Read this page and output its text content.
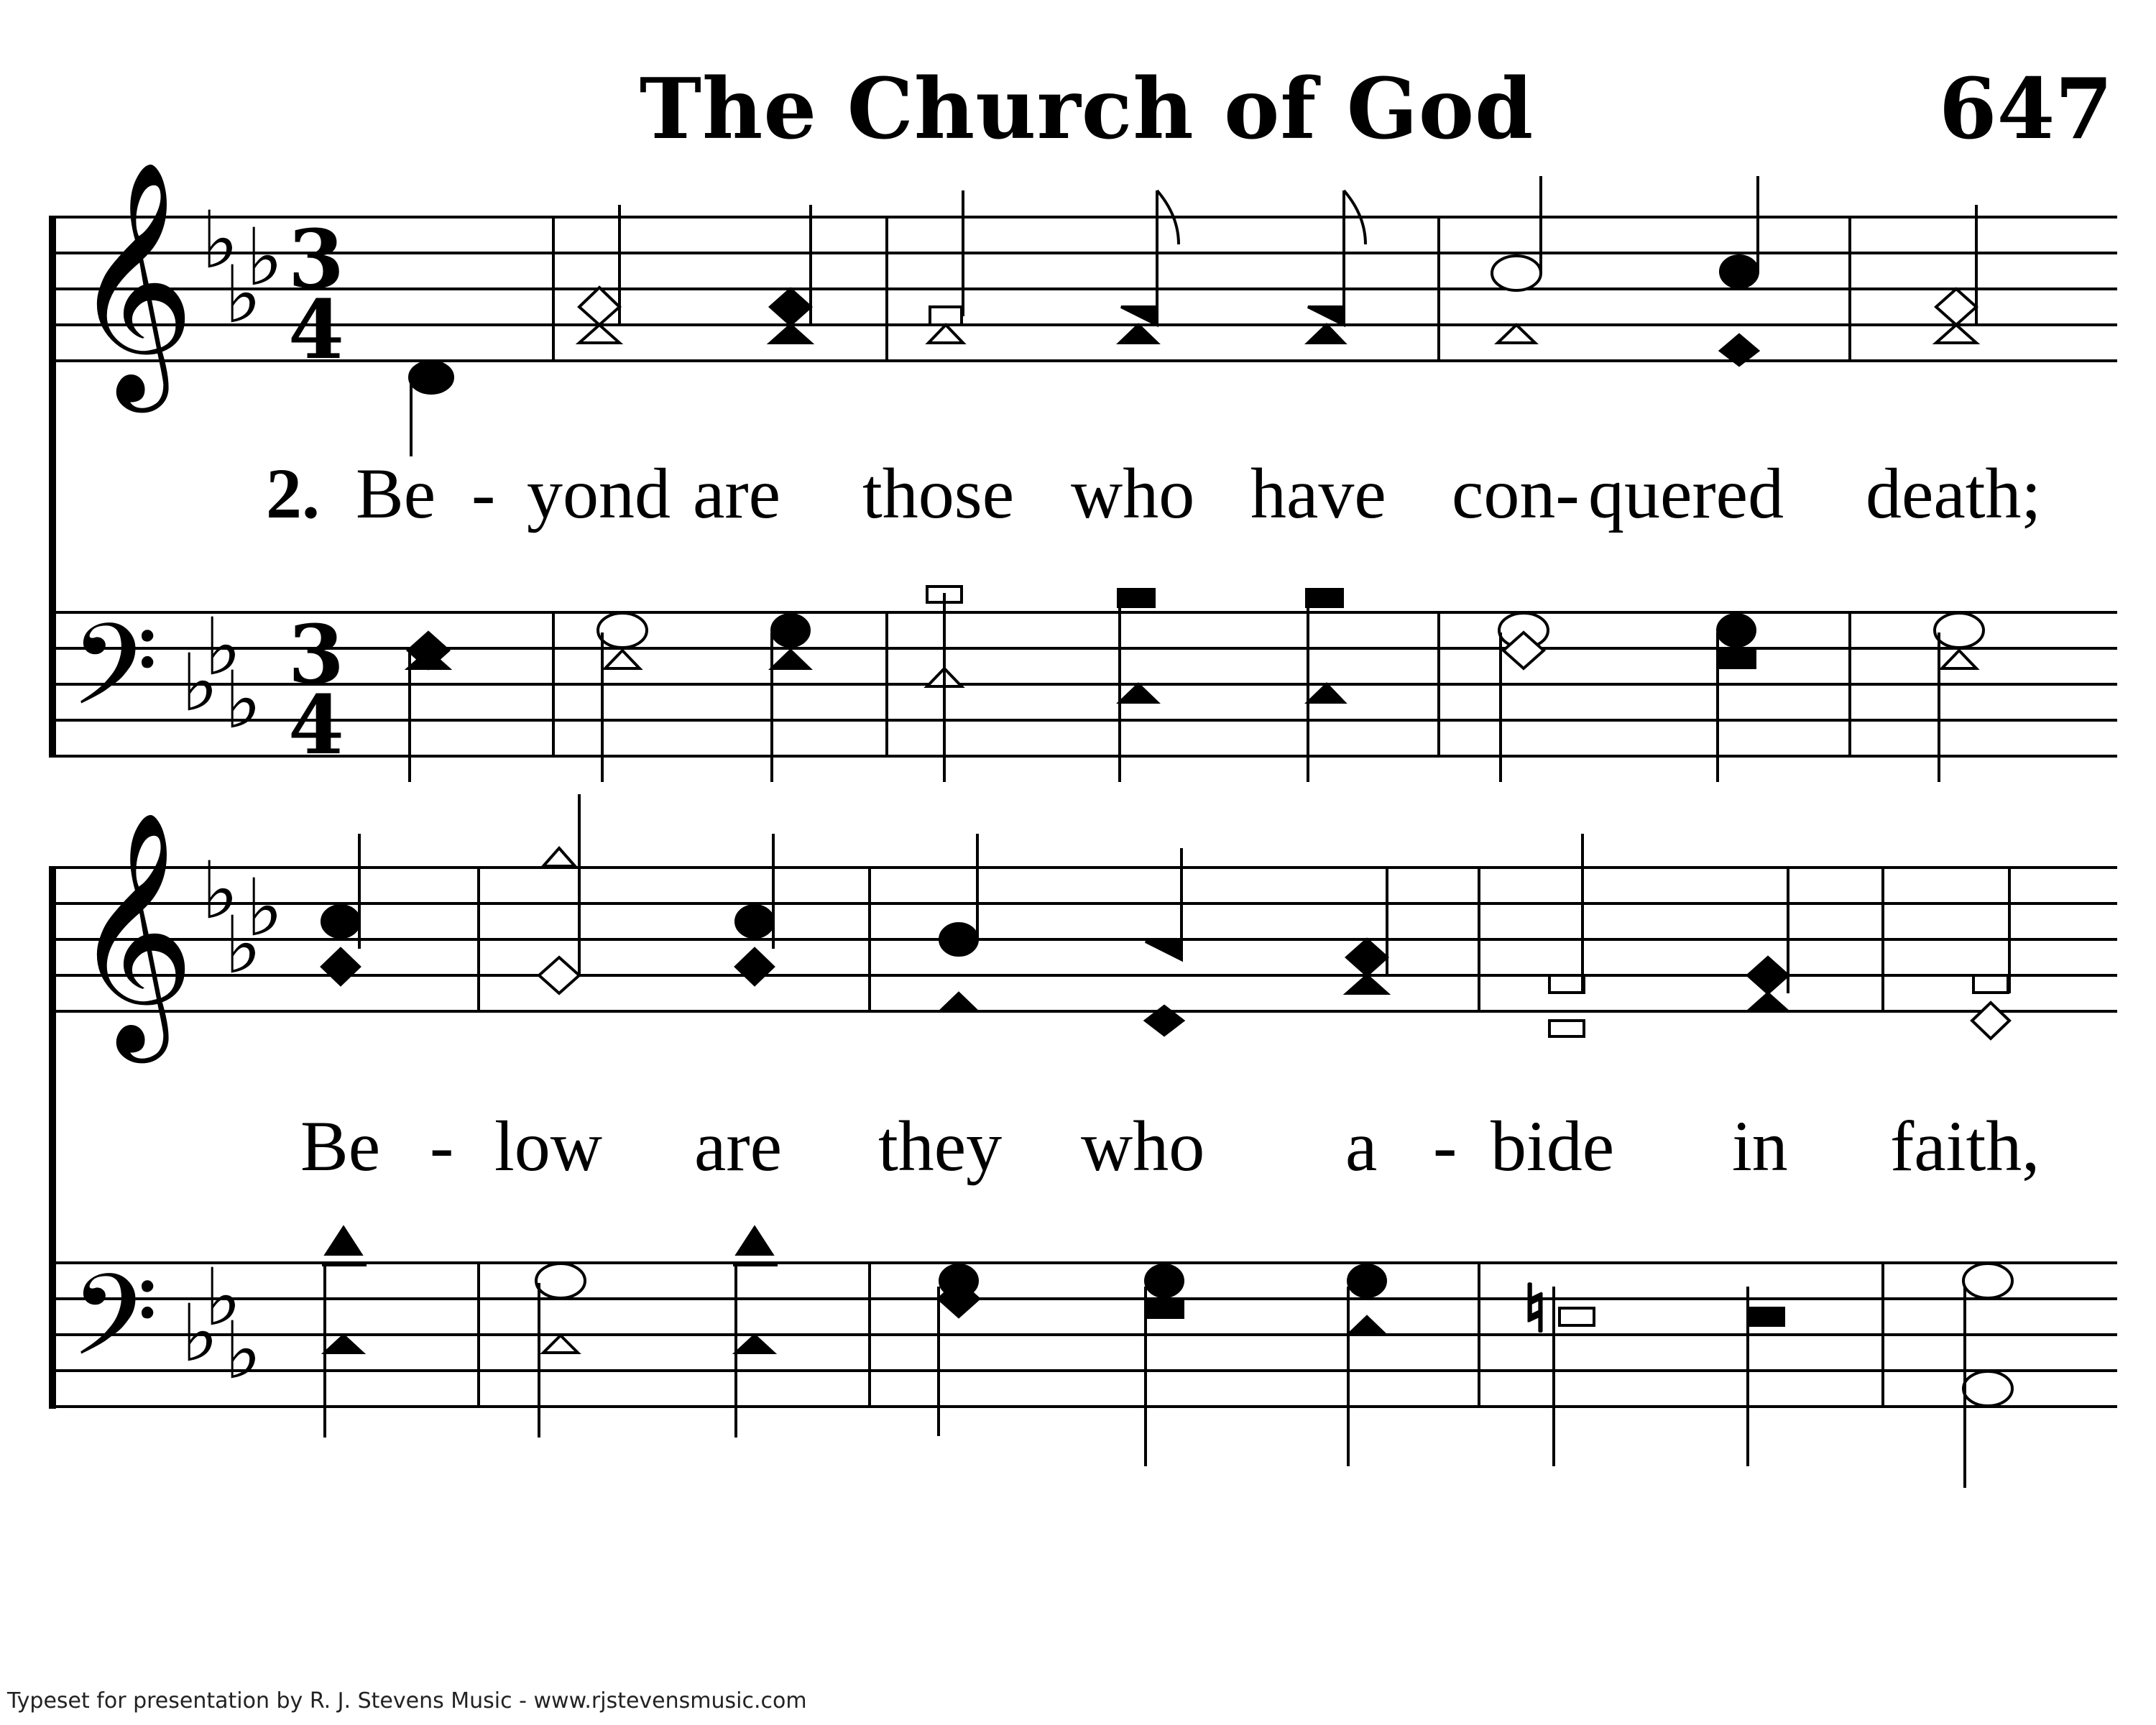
The Church of God	647
𝄞
𝄢
♭
♭
♭
♭
♭
♭
3
4
3
4
2. Be - yond are those who have con- quered death;
𝄞
𝄢
♭
♭
♭
♭
♭
♭	♮
Be - low are they who a - bide in faith,
Typeset for presentation by R. J. Stevens Music - www.rjstevensmusic.com
